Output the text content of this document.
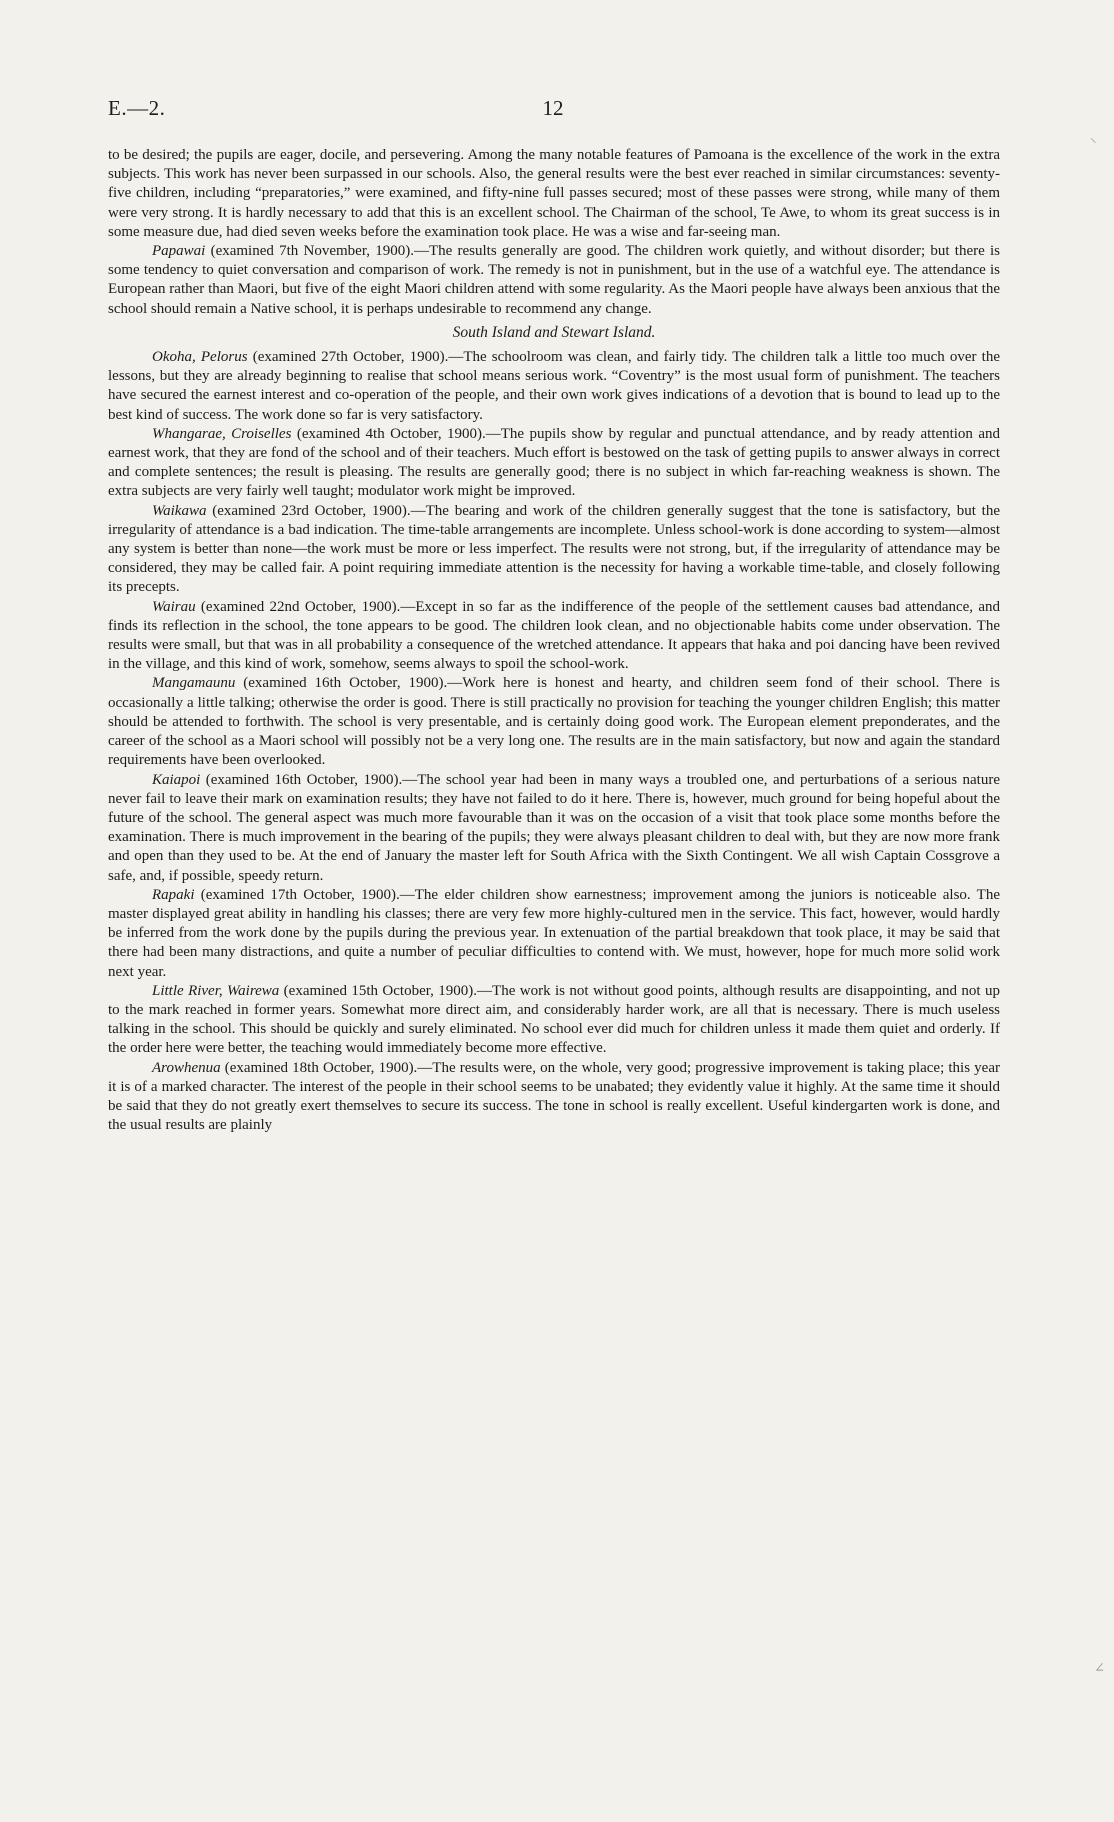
E.—2.	12

to be desired; the pupils are eager, docile, and persevering. Among the many notable features of Pamoana is the excellence of the work in the extra subjects. This work has never been surpassed in our schools. Also, the general results were the best ever reached in similar circumstances: seventy-five children, including “preparatories,” were examined, and fifty-nine full passes secured; most of these passes were strong, while many of them were very strong. It is hardly necessary to add that this is an excellent school. The Chairman of the school, Te Awe, to whom its great success is in some measure due, had died seven weeks before the examination took place. He was a wise and far-seeing man.

Papawai (examined 7th November, 1900).—The results generally are good. The children work quietly, and without disorder; but there is some tendency to quiet conversation and comparison of work. The remedy is not in punishment, but in the use of a watchful eye. The attendance is European rather than Maori, but five of the eight Maori children attend with some regularity. As the Maori people have always been anxious that the school should remain a Native school, it is perhaps undesirable to recommend any change.

South Island and Stewart Island.

Okoha, Pelorus (examined 27th October, 1900).—The schoolroom was clean, and fairly tidy. The children talk a little too much over the lessons, but they are already beginning to realise that school means serious work. “Coventry” is the most usual form of punishment. The teachers have secured the earnest interest and co-operation of the people, and their own work gives indications of a devotion that is bound to lead up to the best kind of success. The work done so far is very satisfactory.

Whangarae, Croiselles (examined 4th October, 1900).—The pupils show by regular and punctual attendance, and by ready attention and earnest work, that they are fond of the school and of their teachers. Much effort is bestowed on the task of getting pupils to answer always in correct and complete sentences; the result is pleasing. The results are generally good; there is no subject in which far-reaching weakness is shown. The extra subjects are very fairly well taught; modulator work might be improved.

Waikawa (examined 23rd October, 1900).—The bearing and work of the children generally suggest that the tone is satisfactory, but the irregularity of attendance is a bad indication. The time-table arrangements are incomplete. Unless school-work is done according to system—almost any system is better than none—the work must be more or less imperfect. The results were not strong, but, if the irregularity of attendance may be considered, they may be called fair. A point requiring immediate attention is the necessity for having a workable time-table, and closely following its precepts.

Wairau (examined 22nd October, 1900).—Except in so far as the indifference of the people of the settlement causes bad attendance, and finds its reflection in the school, the tone appears to be good. The children look clean, and no objectionable habits come under observation. The results were small, but that was in all probability a consequence of the wretched attendance. It appears that haka and poi dancing have been revived in the village, and this kind of work, somehow, seems always to spoil the school-work.

Mangamaunu (examined 16th October, 1900).—Work here is honest and hearty, and children seem fond of their school. There is occasionally a little talking; otherwise the order is good. There is still practically no provision for teaching the younger children English; this matter should be attended to forthwith. The school is very presentable, and is certainly doing good work. The European element preponderates, and the career of the school as a Maori school will possibly not be a very long one. The results are in the main satisfactory, but now and again the standard requirements have been overlooked.

Kaiapoi (examined 16th October, 1900).—The school year had been in many ways a troubled one, and perturbations of a serious nature never fail to leave their mark on examination results; they have not failed to do it here. There is, however, much ground for being hopeful about the future of the school. The general aspect was much more favourable than it was on the occasion of a visit that took place some months before the examination. There is much improvement in the bearing of the pupils; they were always pleasant children to deal with, but they are now more frank and open than they used to be. At the end of January the master left for South Africa with the Sixth Contingent. We all wish Captain Cossgrove a safe, and, if possible, speedy return.

Rapaki (examined 17th October, 1900).—The elder children show earnestness; improvement among the juniors is noticeable also. The master displayed great ability in handling his classes; there are very few more highly-cultured men in the service. This fact, however, would hardly be inferred from the work done by the pupils during the previous year. In extenuation of the partial breakdown that took place, it may be said that there had been many distractions, and quite a number of peculiar difficulties to contend with. We must, however, hope for much more solid work next year.

Little River, Wairewa (examined 15th October, 1900).—The work is not without good points, although results are disappointing, and not up to the mark reached in former years. Somewhat more direct aim, and considerably harder work, are all that is necessary. There is much useless talking in the school. This should be quickly and surely eliminated. No school ever did much for children unless it made them quiet and orderly. If the order here were better, the teaching would immediately become more effective.

Arowhenua (examined 18th October, 1900).—The results were, on the whole, very good; progressive improvement is taking place; this year it is of a marked character. The interest of the people in their school seems to be unabated; they evidently value it highly. At the same time it should be said that they do not greatly exert themselves to secure its success. The tone in school is really excellent. Useful kindergarten work is done, and the usual results are plainly

⸜
∠
